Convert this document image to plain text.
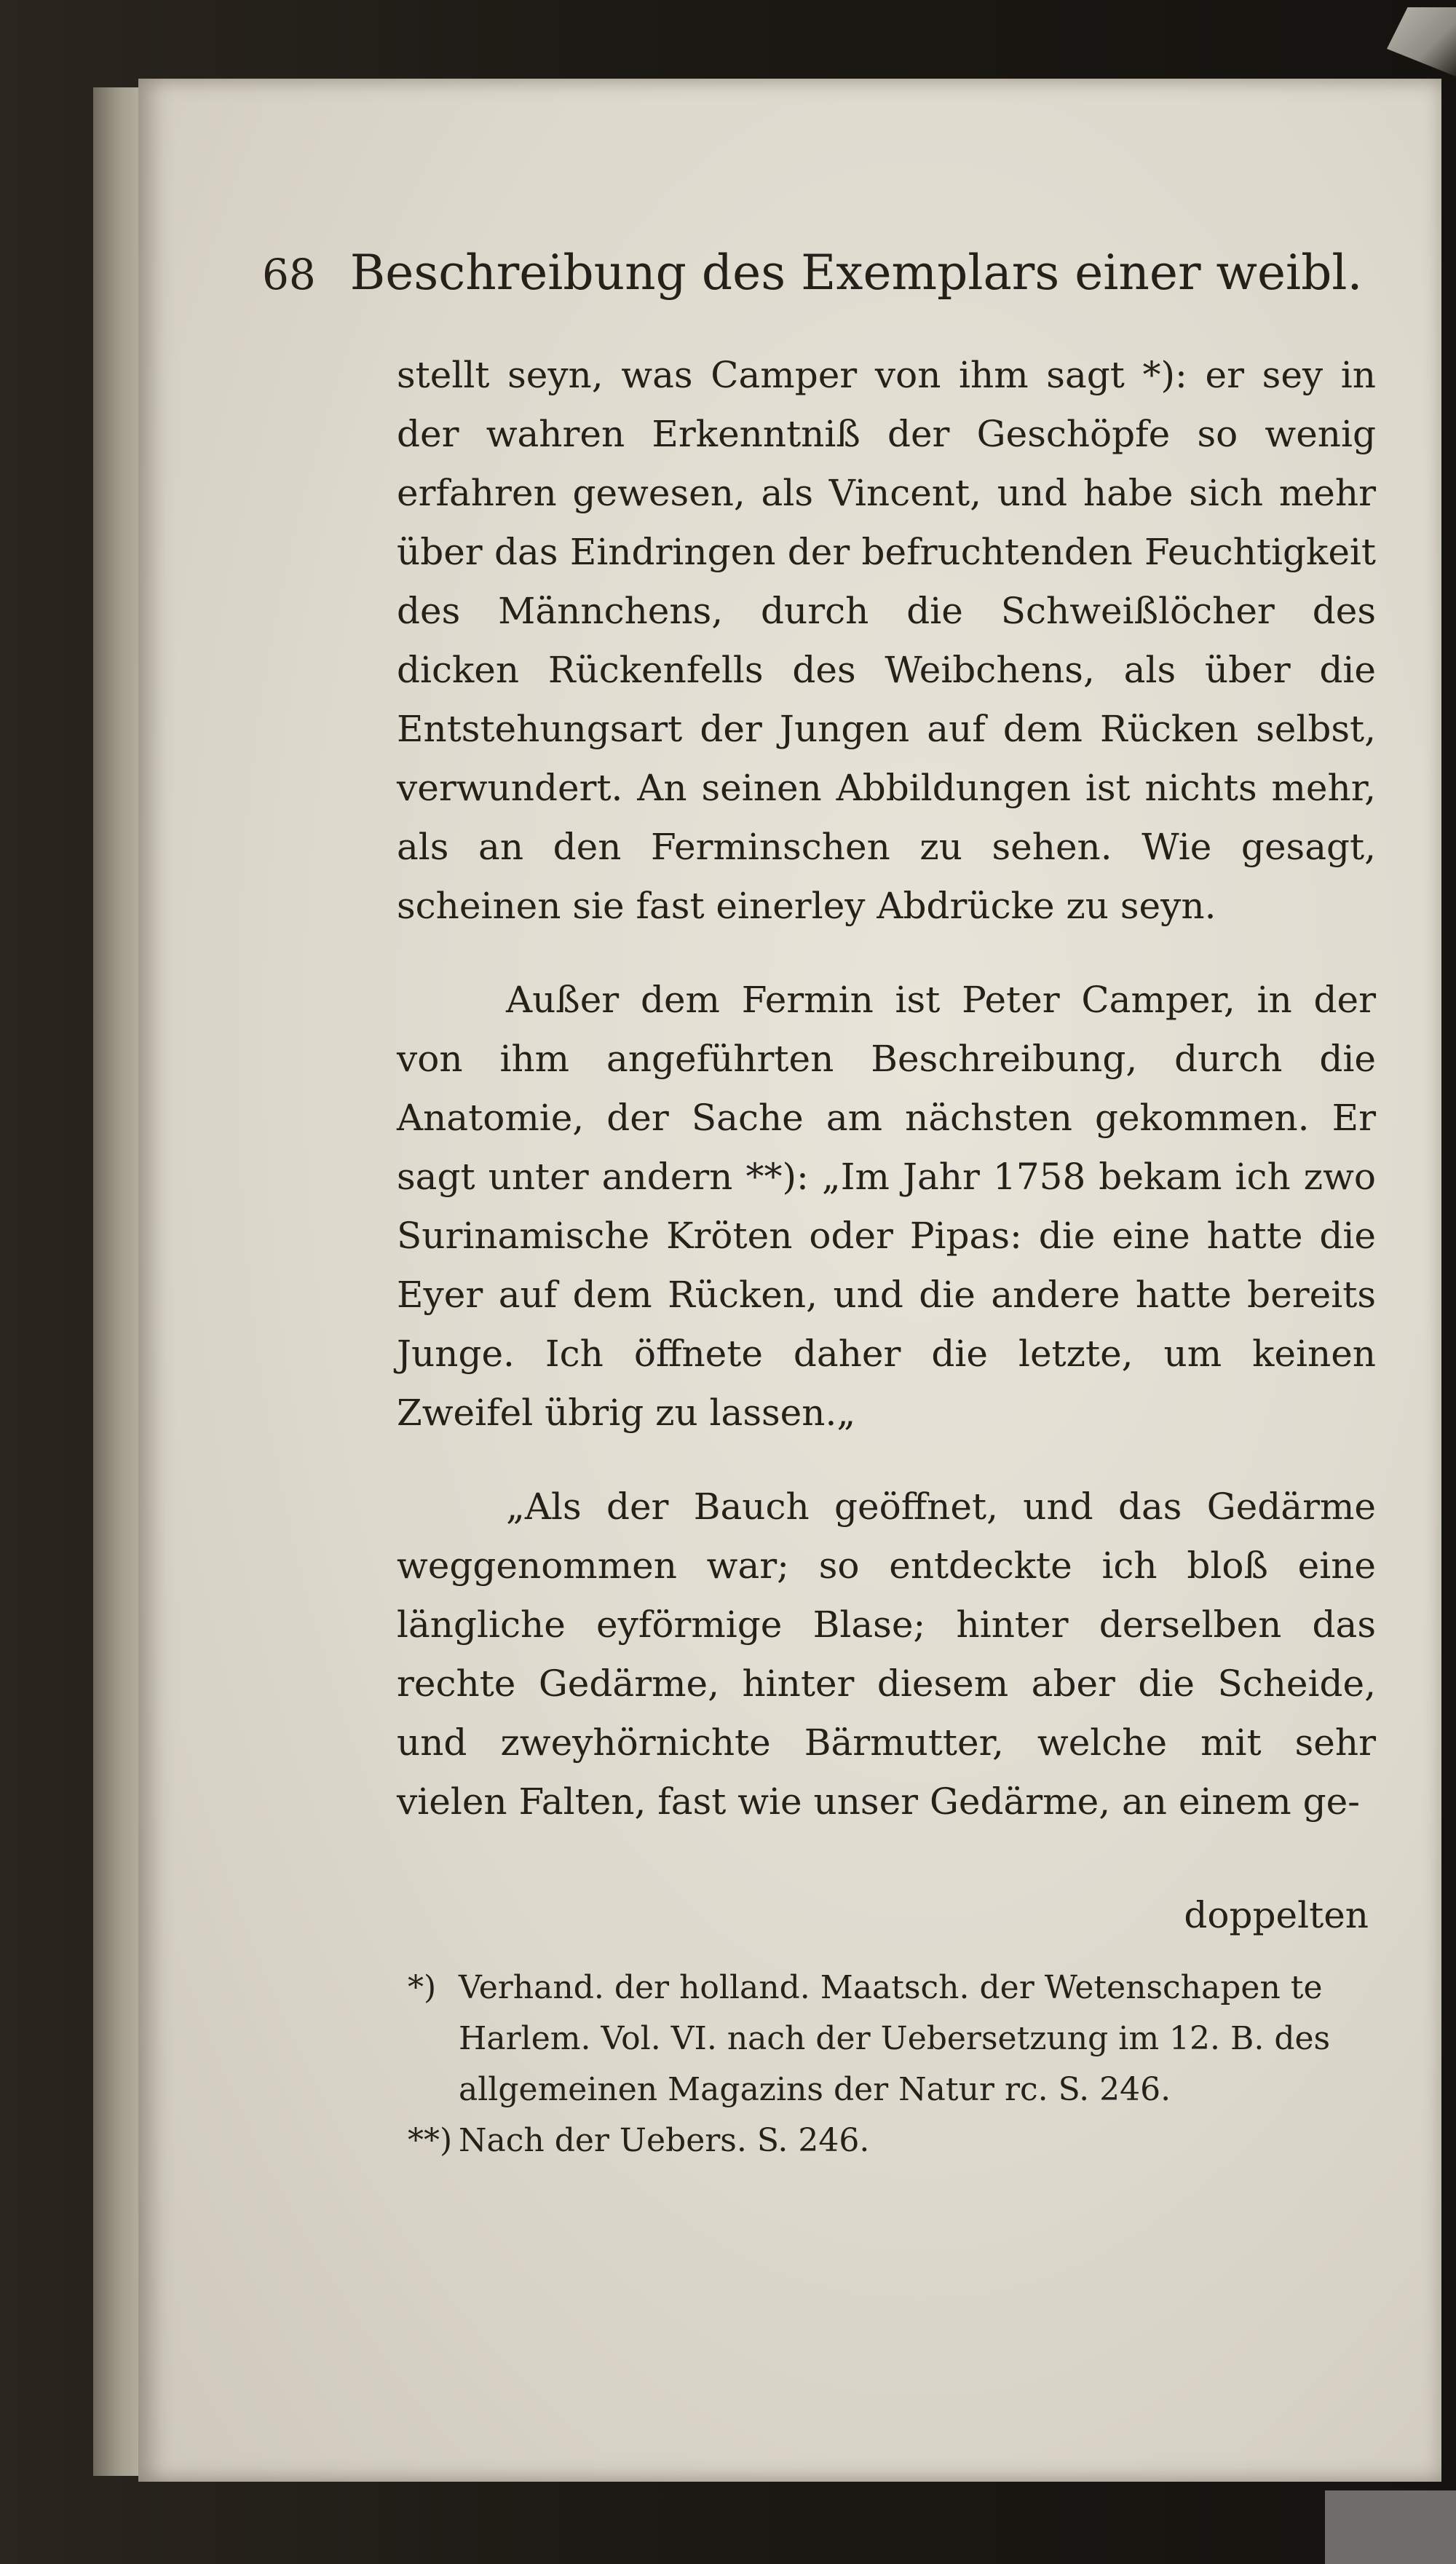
68 Beschreibung des Exemplars einer weibl.

stellt seyn, was Camper von ihm sagt *): er sey in der wahren Erkenntniß der Geschöpfe so wenig erfahren gewesen, als Vincent, und habe sich mehr über das Eindringen der befruchtenden Feuchtigkeit des Männchens, durch die Schweißlöcher des dicken Rückenfells des Weibchens, als über die Entstehungsart der Jungen auf dem Rücken selbst, verwundert. An seinen Abbildungen ist nichts mehr, als an den Ferminschen zu sehen. Wie gesagt, scheinen sie fast einerley Abdrücke zu seyn.

Außer dem Fermin ist Peter Camper, in der von ihm angeführten Beschreibung, durch die Anatomie, der Sache am nächsten gekommen. Er sagt unter andern **): „Im Jahr 1758 bekam ich zwo Surinamische Kröten oder Pipas: die eine hatte die Eyer auf dem Rücken, und die andere hatte bereits Junge. Ich öffnete daher die letzte, um keinen Zweifel übrig zu lassen.„

„Als der Bauch geöffnet, und das Gedärme weggenommen war; so entdeckte ich bloß eine längliche eyförmige Blase; hinter derselben das rechte Gedärme, hinter diesem aber die Scheide, und zweyhörnichte Bärmutter, welche mit sehr vielen Falten, fast wie unser Gedärme, an einem ge-

doppelten
*) Verhand. der holland. Maatsch. der Wetenschapen te Harlem. Vol. VI. nach der Uebersetzung im 12. B. des allgemeinen Magazins der Natur rc. S. 246.
**) Nach der Uebers. S. 246.
